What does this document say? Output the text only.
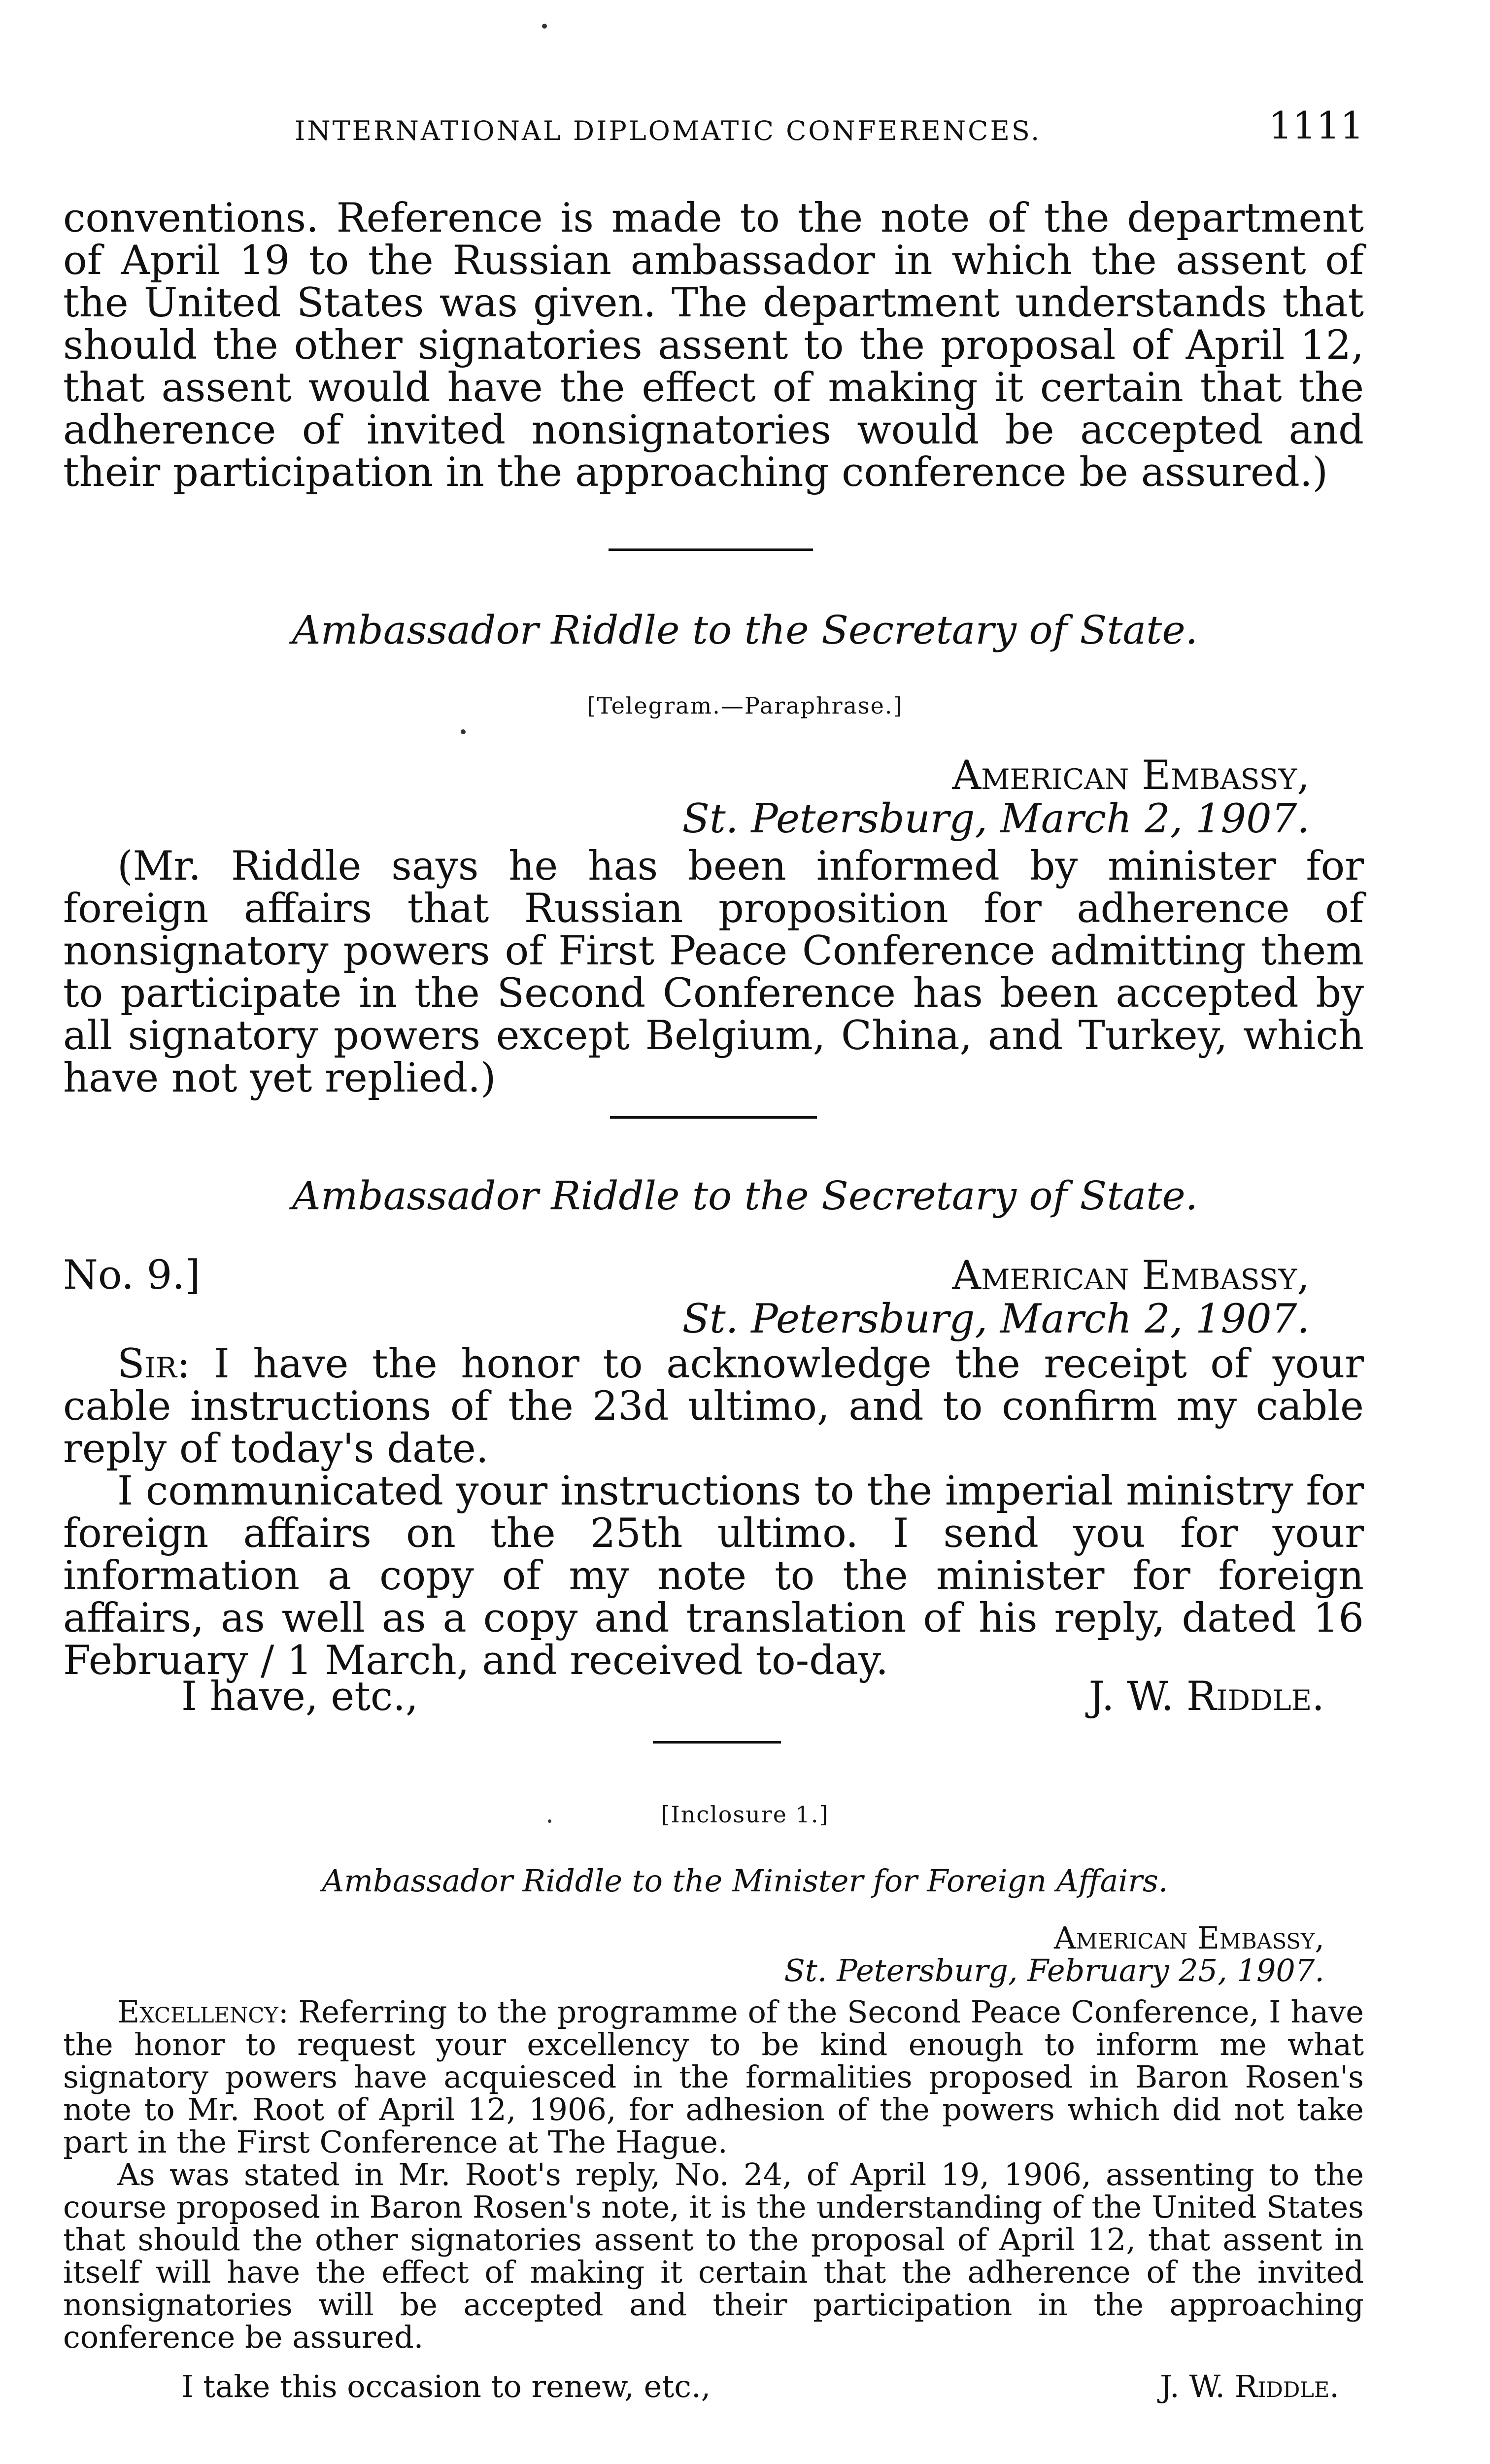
INTERNATIONAL DIPLOMATIC CONFERENCES.	1111

conventions. Reference is made to the note of the department of April 19 to the Russian ambassador in which the assent of the United States was given. The department understands that should the other signatories assent to the proposal of April 12, that assent would have the effect of making it certain that the adherence of invited nonsignatories would be accepted and their participation in the approaching conference be assured.)

Ambassador Riddle to the Secretary of State.
[Telegram.—Paraphrase.]
American Embassy,
St. Petersburg, March 2, 1907.

(Mr. Riddle says he has been informed by minister for foreign affairs that Russian proposition for adherence of nonsignatory powers of First Peace Conference admitting them to participate in the Second Conference has been accepted by all signatory powers except Belgium, China, and Turkey, which have not yet replied.)

Ambassador Riddle to the Secretary of State.
No. 9.]	American Embassy,
St. Petersburg, March 2, 1907.

Sir: I have the honor to acknowledge the receipt of your cable instructions of the 23d ultimo, and to confirm my cable reply of today's date.

I communicated your instructions to the imperial ministry for foreign affairs on the 25th ultimo. I send you for your information a copy of my note to the minister for foreign affairs, as well as a copy and translation of his reply, dated 16 February / 1 March, and received to-day.

I have, etc.,	J. W. Riddle.
[Inclosure 1.]
Ambassador Riddle to the Minister for Foreign Affairs.
American Embassy,
St. Petersburg, February 25, 1907.

Excellency: Referring to the programme of the Second Peace Conference, I have the honor to request your excellency to be kind enough to inform me what signatory powers have acquiesced in the formalities proposed in Baron Rosen's note to Mr. Root of April 12, 1906, for adhesion of the powers which did not take part in the First Conference at The Hague.

As was stated in Mr. Root's reply, No. 24, of April 19, 1906, assenting to the course proposed in Baron Rosen's note, it is the understanding of the United States that should the other signatories assent to the proposal of April 12, that assent in itself will have the effect of making it certain that the adherence of the invited nonsignatories will be accepted and their participation in the approaching conference be assured.

I take this occasion to renew, etc.,	J. W. Riddle.
